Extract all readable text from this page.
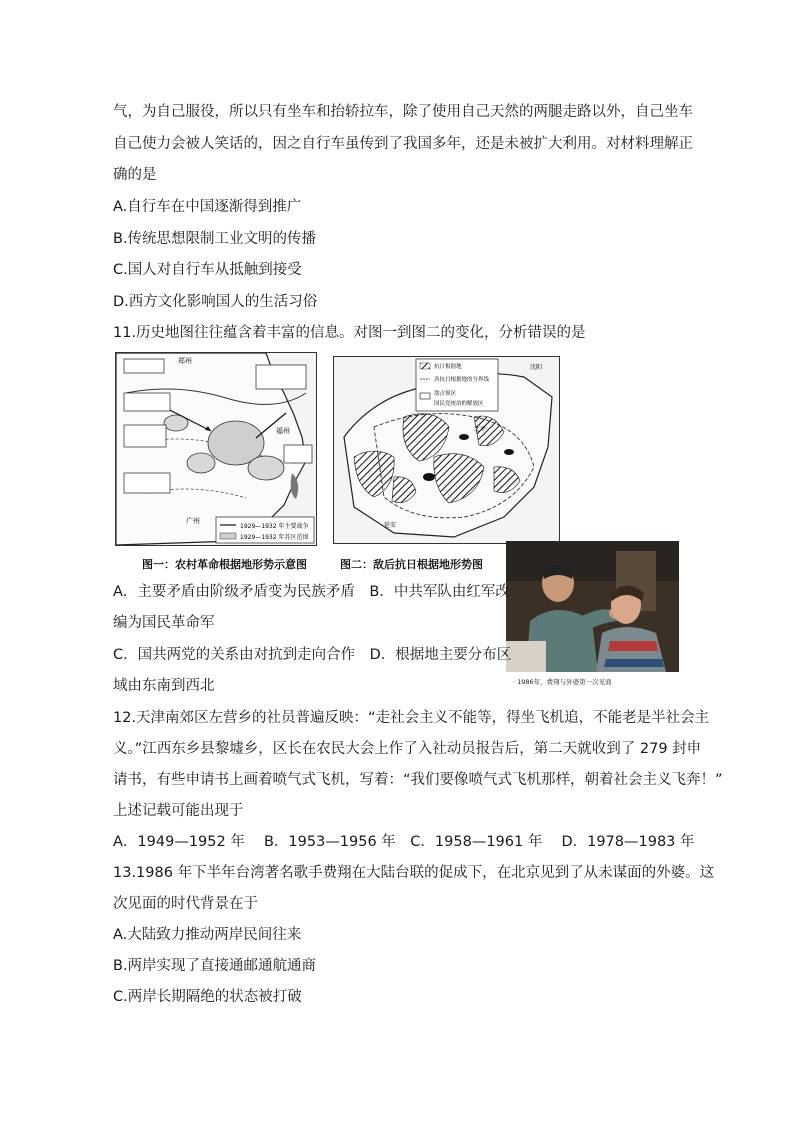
气，为自己服役，所以只有坐车和抬轿拉车，除了使用自己天然的两腿走路以外，自己坐车
自己使力会被人笑话的，因之自行车虽传到了我国多年，还是未被扩大利用。对材料理解正
确的是
A.自行车在中国逐渐得到推广
B.传统思想限制工业文明的传播
C.国人对自行车从抵触到接受
D.西方文化影响国人的生活习俗
11.历史地图往往蕴含着丰富的信息。对图一到图二的变化，分析错误的是
1929—1932 年主要战争
1929—1932 年苏区范围
郑州
福州
广州
图一：农村革命根据地形势示意图
抗日根据地
各抗日根据地的分界线
敌占领区
国民党统治的解放区
沈阳
北平
延安
图二：敌后抗日根据地形势图
· 1986年，费翔与外婆第一次见面
A．主要矛盾由阶级矛盾变为民族矛盾　B．中共军队由红军改
编为国民革命军
C．国共两党的关系由对抗到走向合作　D．根据地主要分布区
域由东南到西北
12.天津南郊区左营乡的社员普遍反映：“走社会主义不能等，得坐飞机追，不能老是半社会主
义。”江西东乡县黎墟乡，区长在农民大会上作了入社动员报告后，第二天就收到了 279 封申
请书，有些申请书上画着喷气式飞机，写着：“我们要像喷气式飞机那样，朝着社会主义飞奔！”
上述记载可能出现于
A．1949—1952 年　 B．1953—1956 年　C．1958—1961 年　 D．1978—1983 年
13.1986 年下半年台湾著名歌手费翔在大陆台联的促成下，在北京见到了从未谋面的外婆。这
次见面的时代背景在于
A.大陆致力推动两岸民间往来
B.两岸实现了直接通邮通航通商
C.两岸长期隔绝的状态被打破
